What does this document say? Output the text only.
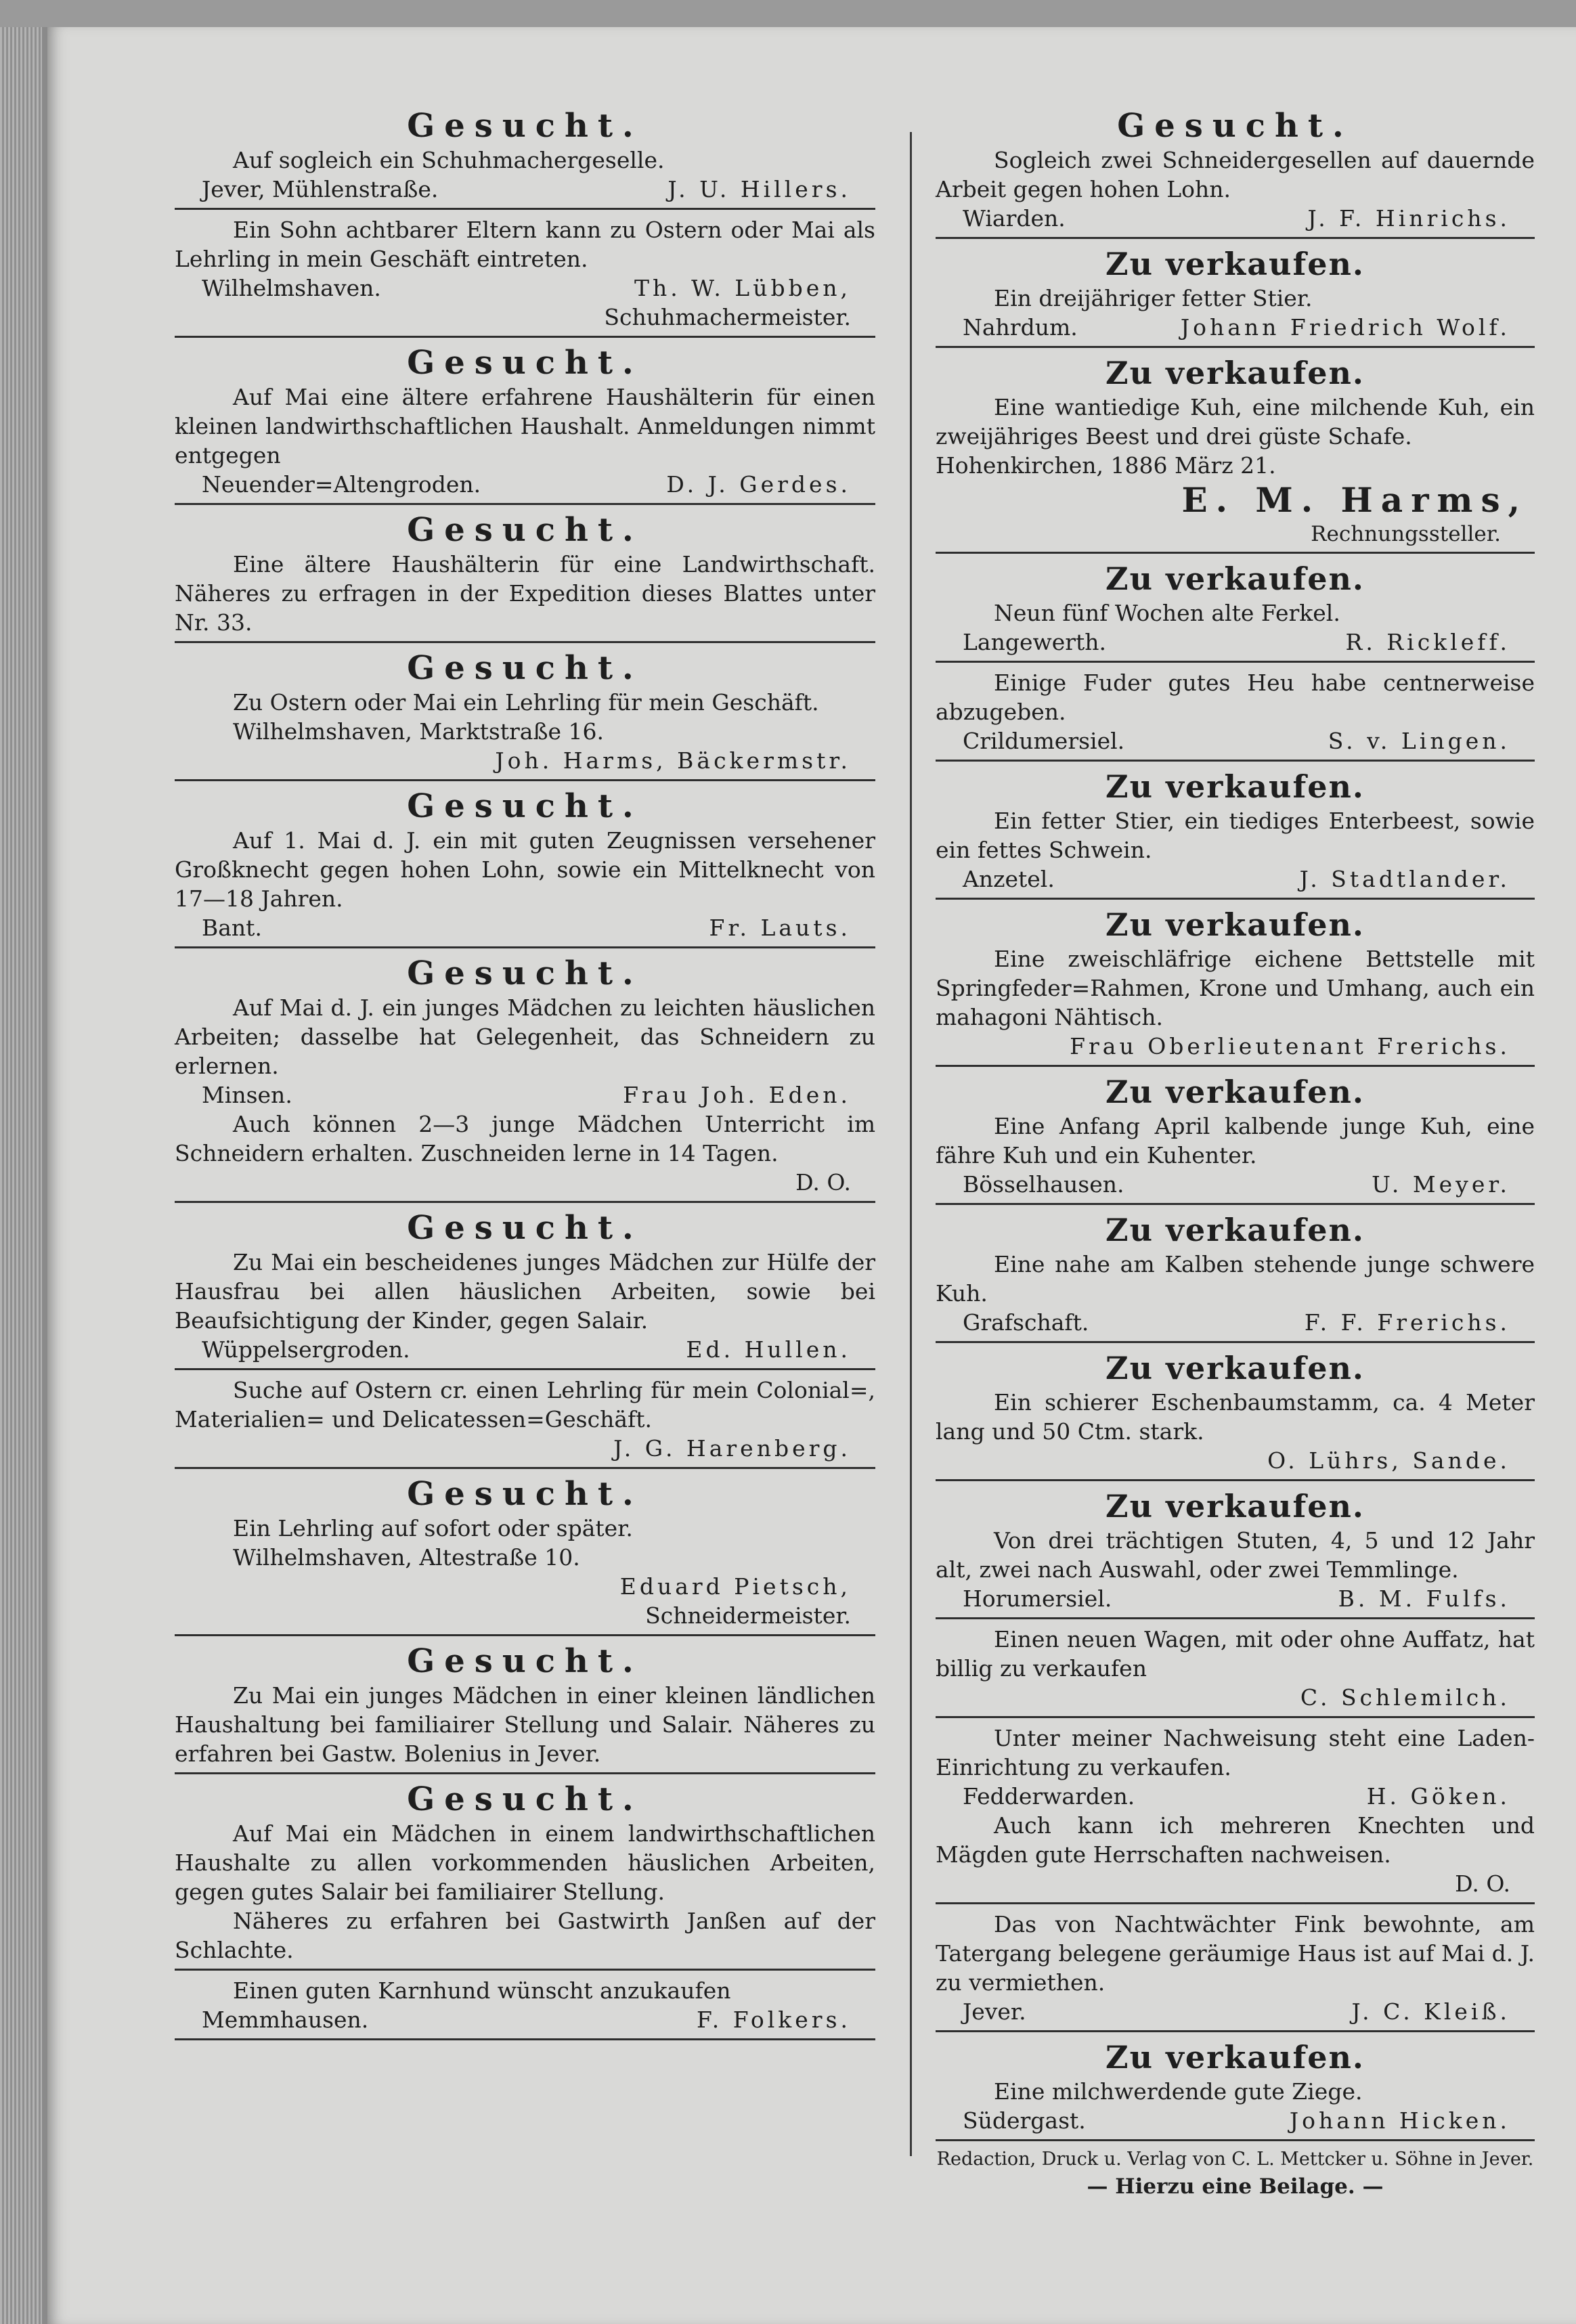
Gesucht.
Auf sogleich ein Schuhmachergeselle.
Jever, Mühlenstraße.	J. U. Hillers.
Ein Sohn achtbarer Eltern kann zu Ostern oder Mai als Lehrling in mein Geschäft eintreten.
Wilhelmshaven.	Th. W. Lübben,
Schuhmachermeister.
Gesucht.
Auf Mai eine ältere erfahrene Haushälterin für einen kleinen landwirthschaftlichen Haushalt. Anmeldungen nimmt entgegen
Neuender=Altengroden.	D. J. Gerdes.
Gesucht.
Eine ältere Haushälterin für eine Landwirthschaft. Näheres zu erfragen in der Expedition dieses Blattes unter Nr. 33.
Gesucht.
Zu Ostern oder Mai ein Lehrling für mein Geschäft.
Wilhelmshaven, Marktstraße 16.
Joh. Harms, Bäckermstr.
Gesucht.
Auf 1. Mai d. J. ein mit guten Zeugnissen versehener Großknecht gegen hohen Lohn, sowie ein Mittelknecht von 17—18 Jahren.
Bant.	Fr. Lauts.
Gesucht.
Auf Mai d. J. ein junges Mädchen zu leichten häuslichen Arbeiten; dasselbe hat Gelegenheit, das Schneidern zu erlernen.
Minsen.	Frau Joh. Eden.
Auch können 2—3 junge Mädchen Unterricht im Schneidern erhalten. Zuschneiden lerne in 14 Tagen.
D. O.
Gesucht.
Zu Mai ein bescheidenes junges Mädchen zur Hülfe der Hausfrau bei allen häuslichen Arbeiten, sowie bei Beaufsichtigung der Kinder, gegen Salair.
Wüppelsergroden.	Ed. Hullen.
Suche auf Ostern cr. einen Lehrling für mein Colonial=, Materialien= und Delicatessen=Geschäft.
J. G. Harenberg.
Gesucht.
Ein Lehrling auf sofort oder später.
Wilhelmshaven, Altestraße 10.
Eduard Pietsch,
Schneidermeister.
Gesucht.
Zu Mai ein junges Mädchen in einer kleinen ländlichen Haushaltung bei familiairer Stellung und Salair. Näheres zu erfahren bei Gastw. Bolenius in Jever.
Gesucht.
Auf Mai ein Mädchen in einem landwirthschaftlichen Haushalte zu allen vorkommenden häuslichen Arbeiten, gegen gutes Salair bei familiairer Stellung.
Näheres zu erfahren bei Gastwirth Janßen auf der Schlachte.
Einen guten Karnhund wünscht anzukaufen
Memmhausen.	F. Folkers.
Gesucht.
Sogleich zwei Schneidergesellen auf dauernde Arbeit gegen hohen Lohn.
Wiarden.	J. F. Hinrichs.
Zu verkaufen.
Ein dreijähriger fetter Stier.
Nahrdum.	Johann Friedrich Wolf.
Zu verkaufen.
Eine wantiedige Kuh, eine milchende Kuh, ein zweijähriges Beest und drei güste Schafe.
Hohenkirchen, 1886 März 21.
E. M. Harms,
Rechnungssteller.
Zu verkaufen.
Neun fünf Wochen alte Ferkel.
Langewerth.	R. Rickleff.
Einige Fuder gutes Heu habe centnerweise abzugeben.
Crildumersiel.	S. v. Lingen.
Zu verkaufen.
Ein fetter Stier, ein tiediges Enterbeest, sowie ein fettes Schwein.
Anzetel.	J. Stadtlander.
Zu verkaufen.
Eine zweischläfrige eichene Bettstelle mit Springfeder=Rahmen, Krone und Umhang, auch ein mahagoni Nähtisch.
Frau Oberlieutenant Frerichs.
Zu verkaufen.
Eine Anfang April kalbende junge Kuh, eine fähre Kuh und ein Kuhenter.
Bösselhausen.	U. Meyer.
Zu verkaufen.
Eine nahe am Kalben stehende junge schwere Kuh.
Grafschaft.	F. F. Frerichs.
Zu verkaufen.
Ein schierer Eschenbaumstamm, ca. 4 Meter lang und 50 Ctm. stark.
O. Lührs, Sande.
Zu verkaufen.
Von drei trächtigen Stuten, 4, 5 und 12 Jahr alt, zwei nach Auswahl, oder zwei Temmlinge.
Horumersiel.	B. M. Fulfs.
Einen neuen Wagen, mit oder ohne Auffatz, hat billig zu verkaufen
C. Schlemilch.
Unter meiner Nachweisung steht eine Laden-Einrichtung zu verkaufen.
Fedderwarden.	H. Göken.
Auch kann ich mehreren Knechten und Mägden gute Herrschaften nachweisen.
D. O.
Das von Nachtwächter Fink bewohnte, am Tatergang belegene geräumige Haus ist auf Mai d. J. zu vermiethen.
Jever.	J. C. Kleiß.
Zu verkaufen.
Eine milchwerdende gute Ziege.
Südergast.	Johann Hicken.
Redaction, Druck u. Verlag von C. L. Mettcker u. Söhne in Jever.
— Hierzu eine Beilage. —
